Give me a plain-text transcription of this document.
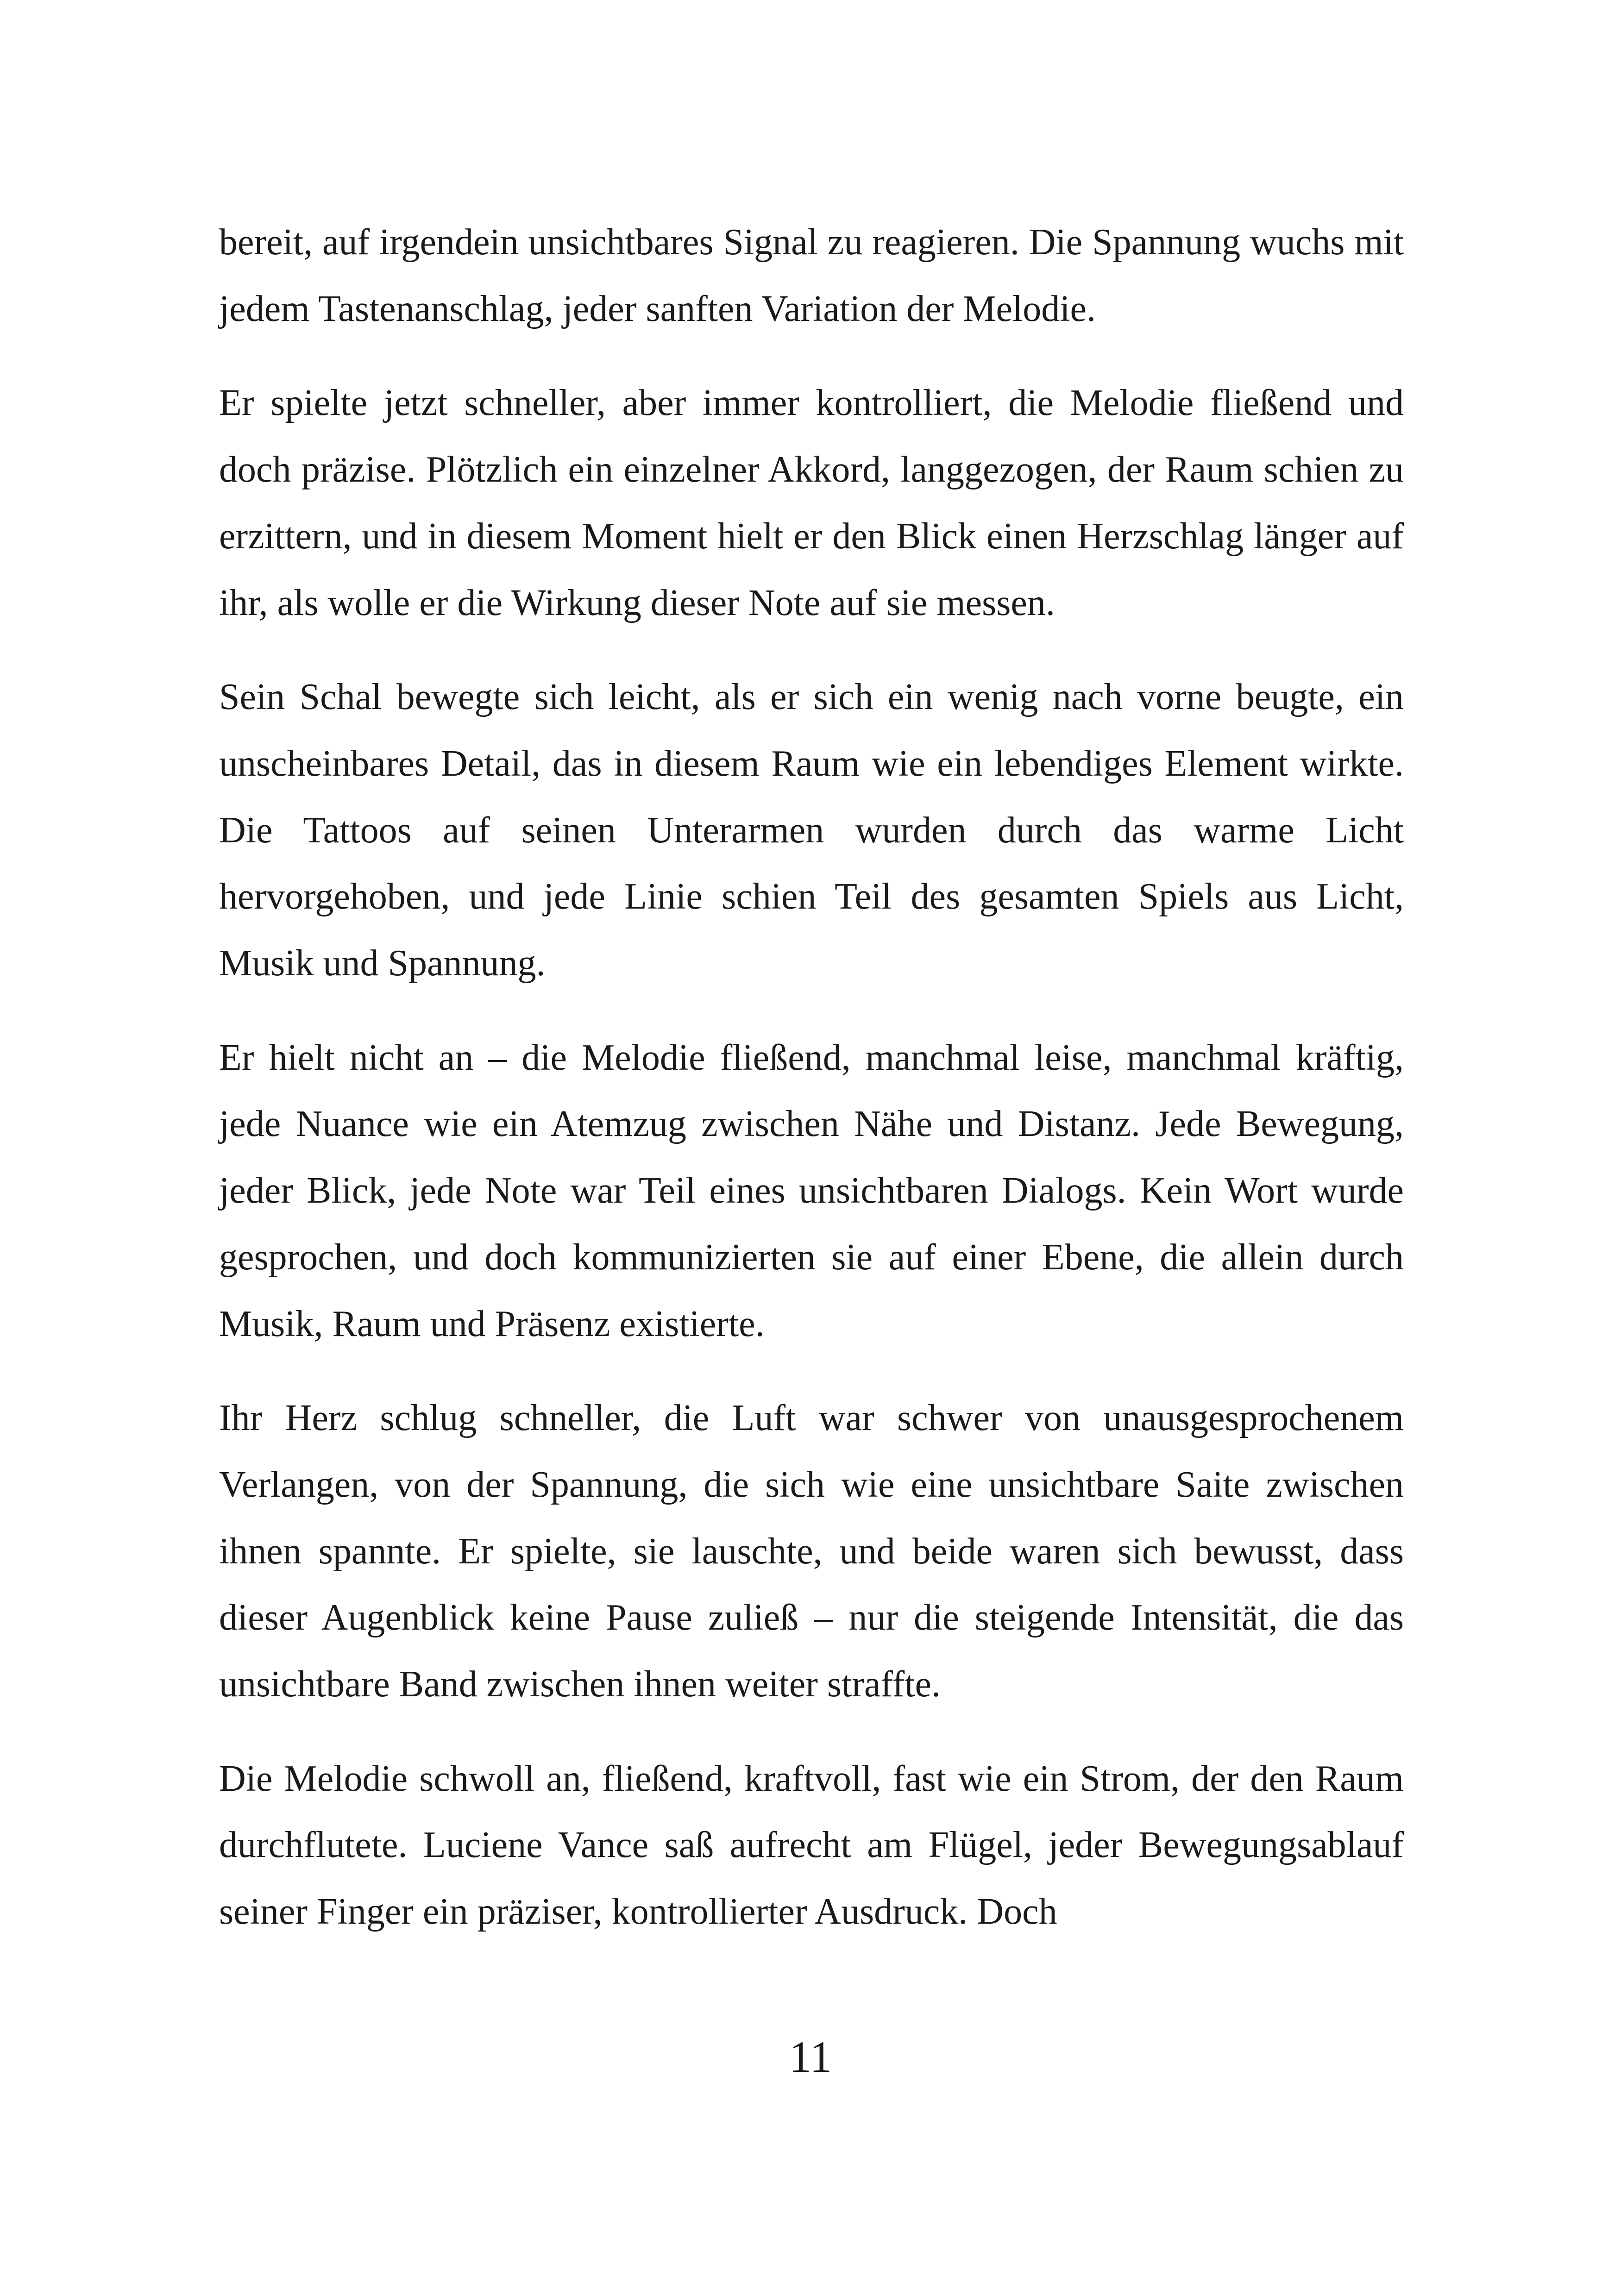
bereit, auf irgendein unsichtbares Signal zu reagieren. Die Spannung wuchs mit jedem Tastenanschlag, jeder sanften Variation der Melodie.

Er spielte jetzt schneller, aber immer kontrolliert, die Melodie fließend und doch präzise. Plötzlich ein einzelner Akkord, langgezogen, der Raum schien zu erzittern, und in diesem Moment hielt er den Blick einen Herzschlag länger auf ihr, als wolle er die Wirkung dieser Note auf sie messen.

Sein Schal bewegte sich leicht, als er sich ein wenig nach vorne beugte, ein unscheinbares Detail, das in diesem Raum wie ein lebendiges Element wirkte. Die Tattoos auf seinen Unterarmen wurden durch das warme Licht hervorgehoben, und jede Linie schien Teil des gesamten Spiels aus Licht, Musik und Spannung.

Er hielt nicht an – die Melodie fließend, manchmal leise, manchmal kräftig, jede Nuance wie ein Atemzug zwischen Nähe und Distanz. Jede Bewegung, jeder Blick, jede Note war Teil eines unsichtbaren Dialogs. Kein Wort wurde gesprochen, und doch kommunizierten sie auf einer Ebene, die allein durch Musik, Raum und Präsenz existierte.

Ihr Herz schlug schneller, die Luft war schwer von unausgesprochenem Verlangen, von der Spannung, die sich wie eine unsichtbare Saite zwischen ihnen spannte. Er spielte, sie lauschte, und beide waren sich bewusst, dass dieser Augenblick keine Pause zuließ – nur die steigende Intensität, die das unsichtbare Band zwischen ihnen weiter straffte.

Die Melodie schwoll an, fließend, kraftvoll, fast wie ein Strom, der den Raum durchflutete. Luciene Vance saß aufrecht am Flügel, jeder Bewegungsablauf seiner Finger ein präziser, kontrollierter Ausdruck. Doch

11
